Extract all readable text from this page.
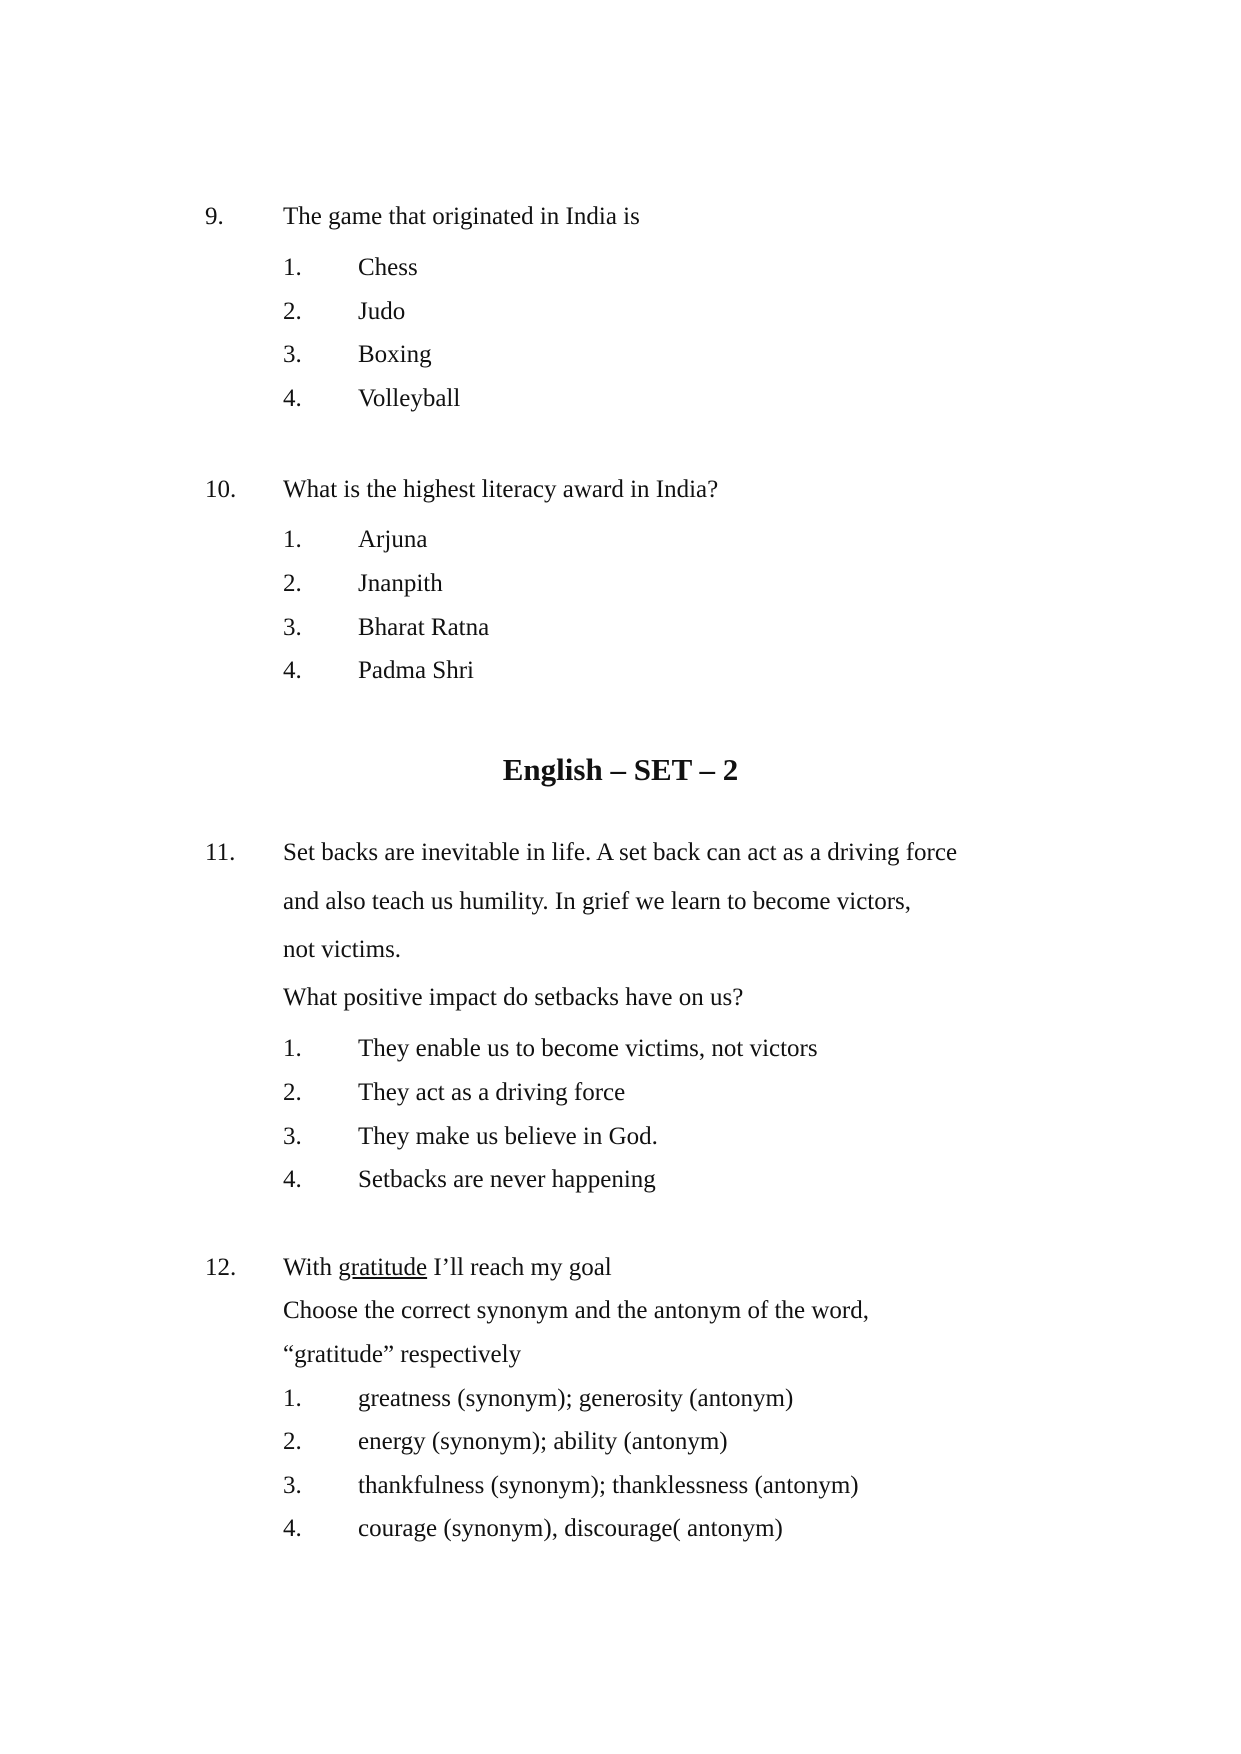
9. The game that originated in India is
1. Chess
2. Judo
3. Boxing
4. Volleyball
10. What is the highest literacy award in India?
1. Arjuna
2. Jnanpith
3. Bharat Ratna
4. Padma Shri
English – SET – 2
11. Set backs are inevitable in life. A set back can act as a driving force
and also teach us humility. In grief we learn to become victors,
not victims.
What positive impact do setbacks have on us?
1. They enable us to become victims, not victors
2. They act as a driving force
3. They make us believe in God.
4. Setbacks are never happening
12. With gratitude I’ll reach my goal
Choose the correct synonym and the antonym of the word,
“gratitude” respectively
1. greatness (synonym); generosity (antonym)
2. energy (synonym); ability (antonym)
3. thankfulness (synonym); thanklessness (antonym)
4. courage (synonym), discourage( antonym)
